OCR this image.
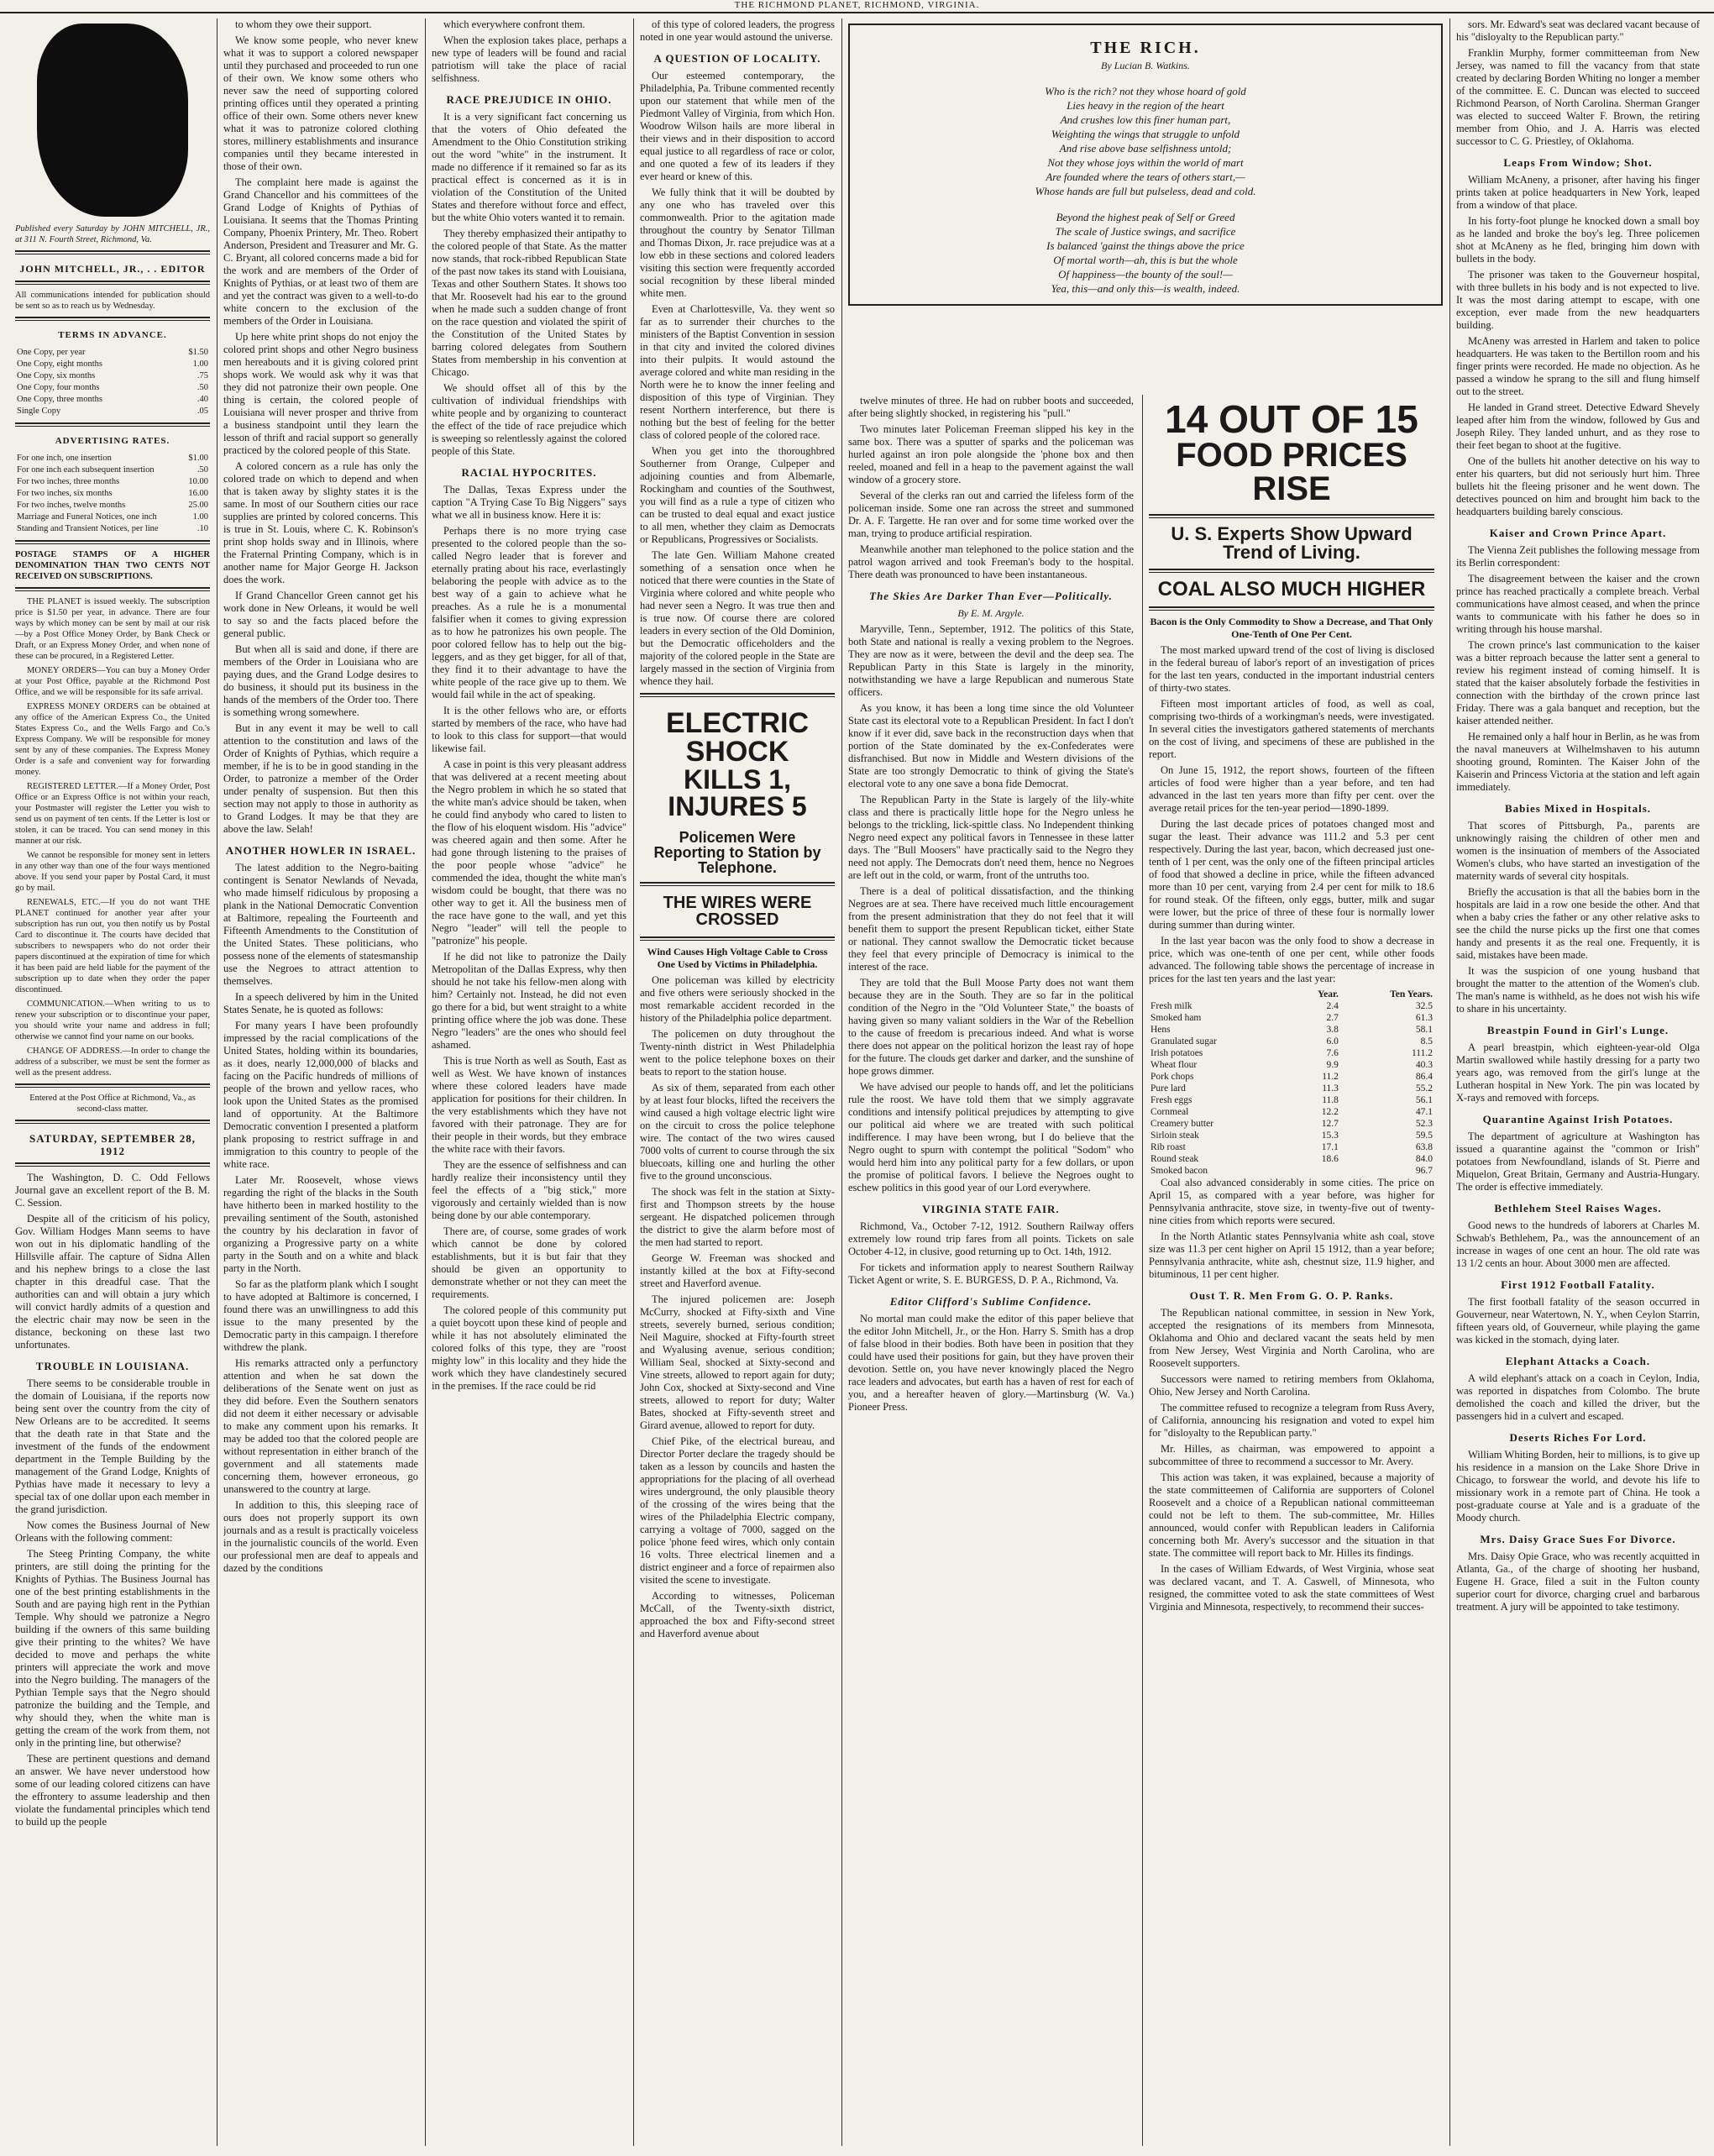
THE RICHMOND PLANET, RICHMOND, VIRGINIA.

Published every Saturday by JOHN MITCHELL, JR., at 311 N. Fourth Street, Richmond, Va.

JOHN MITCHELL, JR., . . EDITOR

All communications intended for publication should be sent so as to reach us by Wednesday.

TERMS IN ADVANCE.

One Copy, per year	$1.50
One Copy, eight months	1.00
One Copy, six months	.75
One Copy, four months	.50
One Copy, three months	.40
Single Copy	.05

ADVERTISING RATES.

For one inch, one insertion	$1.00
For one inch each subsequent insertion	.50
For two inches, three months	10.00
For two inches, six months	16.00
For two inches, twelve months	25.00
Marriage and Funeral Notices, one inch	1.00
Standing and Transient Notices, per line	.10

POSTAGE STAMPS OF A HIGHER DENOMINATION THAN TWO CENTS NOT RECEIVED ON SUBSCRIPTIONS.

THE PLANET is issued weekly. The subscription price is $1.50 per year, in advance. There are four ways by which money can be sent by mail at our risk—by a Post Office Money Order, by Bank Check or Draft, or an Express Money Order, and when none of these can be procured, in a Registered Letter.

MONEY ORDERS—You can buy a Money Order at your Post Office, payable at the Richmond Post Office, and we will be responsible for its safe arrival.

EXPRESS MONEY ORDERS can be obtained at any office of the American Express Co., the United States Express Co., and the Wells Fargo and Co.'s Express Company. We will be responsible for money sent by any of these companies. The Express Money Order is a safe and convenient way for forwarding money.

REGISTERED LETTER.—If a Money Order, Post Office or an Express Office is not within your reach, your Postmaster will register the Letter you wish to send us on payment of ten cents. If the Letter is lost or stolen, it can be traced. You can send money in this manner at our risk.

We cannot be responsible for money sent in letters in any other way than one of the four ways mentioned above. If you send your paper by Postal Card, it must go by mail.

RENEWALS, ETC.—If you do not want THE PLANET continued for another year after your subscription has run out, you then notify us by Postal Card to discontinue it. The courts have decided that subscribers to newspapers who do not order their papers discontinued at the expiration of time for which it has been paid are held liable for the payment of the subscription up to date when they order the paper discontinued.

COMMUNICATION.—When writing to us to renew your subscription or to discontinue your paper, you should write your name and address in full; otherwise we cannot find your name on our books.

CHANGE OF ADDRESS.—In order to change the address of a subscriber, we must be sent the former as well as the present address.

Entered at the Post Office at Richmond, Va., as second-class matter.

SATURDAY, SEPTEMBER 28, 1912

The Washington, D. C. Odd Fellows Journal gave an excellent report of the B. M. C. Session.

Despite all of the criticism of his policy, Gov. William Hodges Mann seems to have won out in his diplomatic handling of the Hillsville affair. The capture of Sidna Allen and his nephew brings to a close the last chapter in this dreadful case. That the authorities can and will obtain a jury which will convict hardly admits of a question and the electric chair may now be seen in the distance, beckoning on these last two unfortunates.

TROUBLE IN LOUISIANA.

There seems to be considerable trouble in the domain of Louisiana, if the reports now being sent over the country from the city of New Orleans are to be accredited. It seems that the death rate in that State and the investment of the funds of the endowment department in the Temple Building by the management of the Grand Lodge, Knights of Pythias have made it necessary to levy a special tax of one dollar upon each member in the grand jurisdiction.

Now comes the Business Journal of New Orleans with the following comment:

The Steeg Printing Company, the white printers, are still doing the printing for the Knights of Pythias. The Business Journal has one of the best printing establishments in the South and are paying high rent in the Pythian Temple. Why should we patronize a Negro building if the owners of this same building give their printing to the whites? We have decided to move and perhaps the white printers will appreciate the work and move into the Negro building. The managers of the Pythian Temple says that the Negro should patronize the building and the Temple, and why should they, when the white man is getting the cream of the work from them, not only in the printing line, but otherwise?

These are pertinent questions and demand an answer. We have never understood how some of our leading colored citizens can have the effrontery to assume leadership and then violate the fundamental principles which tend to build up the people

to whom they owe their support.

We know some people, who never knew what it was to support a colored newspaper until they purchased and proceeded to run one of their own. We know some others who never saw the need of supporting colored printing offices until they operated a printing office of their own. Some others never knew what it was to patronize colored clothing stores, millinery establishments and insurance companies until they became interested in those of their own.

The complaint here made is against the Grand Chancellor and his committees of the Grand Lodge of Knights of Pythias of Louisiana. It seems that the Thomas Printing Company, Phoenix Printery, Mr. Theo. Robert Anderson, President and Treasurer and Mr. G. C. Bryant, all colored concerns made a bid for the work and are members of the Order of Knights of Pythias, or at least two of them are and yet the contract was given to a well-to-do white concern to the exclusion of the members of the Order in Louisiana.

Up here white print shops do not enjoy the colored print shops and other Negro business men hereabouts and it is giving colored print shops work. We would ask why it was that they did not patronize their own people. One thing is certain, the colored people of Louisiana will never prosper and thrive from a business standpoint until they learn the lesson of thrift and racial support so generally practiced by the colored people of this State.

A colored concern as a rule has only the colored trade on which to depend and when that is taken away by slighty states it is the same. In most of our Southern cities our race supplies are printed by colored concerns. This is true in St. Louis, where C. K. Robinson's print shop holds sway and in Illinois, where the Fraternal Printing Company, which is in another name for Major George H. Jackson does the work.

If Grand Chancellor Green cannot get his work done in New Orleans, it would be well to say so and the facts placed before the general public.

But when all is said and done, if there are members of the Order in Louisiana who are paying dues, and the Grand Lodge desires to do business, it should put its business in the hands of the members of the Order too. There is something wrong somewhere.

But in any event it may be well to call attention to the constitution and laws of the Order of Knights of Pythias, which require a member, if he is to be in good standing in the Order, to patronize a member of the Order under penalty of suspension. But then this section may not apply to those in authority as to Grand Lodges. It may be that they are above the law. Selah!

ANOTHER HOWLER IN ISRAEL.

The latest addition to the Negro-baiting contingent is Senator Newlands of Nevada, who made himself ridiculous by proposing a plank in the National Democratic Convention at Baltimore, repealing the Fourteenth and Fifteenth Amendments to the Constitution of the United States. These politicians, who possess none of the elements of statesmanship use the Negroes to attract attention to themselves.

In a speech delivered by him in the United States Senate, he is quoted as follows:

For many years I have been profoundly impressed by the racial complications of the United States, holding within its boundaries, as it does, nearly 12,000,000 of blacks and facing on the Pacific hundreds of millions of people of the brown and yellow races, who look upon the United States as the promised land of opportunity. At the Baltimore Democratic convention I presented a platform plank proposing to restrict suffrage in and immigration to this country to people of the white race.

Later Mr. Roosevelt, whose views regarding the right of the blacks in the South have hitherto been in marked hostility to the prevailing sentiment of the South, astonished the country by his declaration in favor of organizing a Progressive party on a white party in the South and on a white and black party in the North.

So far as the platform plank which I sought to have adopted at Baltimore is concerned, I found there was an unwillingness to add this issue to the many presented by the Democratic party in this campaign. I therefore withdrew the plank.

His remarks attracted only a perfunctory attention and when he sat down the deliberations of the Senate went on just as they did before. Even the Southern senators did not deem it either necessary or advisable to make any comment upon his remarks. It may be added too that the colored people are without representation in either branch of the government and all statements made concerning them, however erroneous, go unanswered to the country at large.

In addition to this, this sleeping race of ours does not properly support its own journals and as a result is practically voiceless in the journalistic councils of the world. Even our professional men are deaf to appeals and dazed by the conditions

which everywhere confront them.

When the explosion takes place, perhaps a new type of leaders will be found and racial patriotism will take the place of racial selfishness.

RACE PREJUDICE IN OHIO.

It is a very significant fact concerning us that the voters of Ohio defeated the Amendment to the Ohio Constitution striking out the word "white" in the instrument. It made no difference if it remained so far as its practical effect is concerned as it is in violation of the Constitution of the United States and therefore without force and effect, but the white Ohio voters wanted it to remain.

They thereby emphasized their antipathy to the colored people of that State. As the matter now stands, that rock-ribbed Republican State of the past now takes its stand with Louisiana, Texas and other Southern States. It shows too that Mr. Roosevelt had his ear to the ground when he made such a sudden change of front on the race question and violated the spirit of the Constitution of the United States by barring colored delegates from Southern States from membership in his convention at Chicago.

We should offset all of this by the cultivation of individual friendships with white people and by organizing to counteract the effect of the tide of race prejudice which is sweeping so relentlessly against the colored people of this State.

RACIAL HYPOCRITES.

The Dallas, Texas Express under the caption "A Trying Case To Big Niggers" says what we all in business know. Here it is:

Perhaps there is no more trying case presented to the colored people than the so-called Negro leader that is forever and eternally prating about his race, everlastingly belaboring the people with advice as to the best way of a gain to achieve what he preaches. As a rule he is a monumental falsifier when it comes to giving expression as to how he patronizes his own people. The poor colored fellow has to help out the big-leggers, and as they get bigger, for all of that, they find it to their advantage to have the white people of the race give up to them. We would fail while in the act of speaking.

It is the other fellows who are, or efforts started by members of the race, who have had to look to this class for support—that would likewise fail.

A case in point is this very pleasant address that was delivered at a recent meeting about the Negro problem in which he so stated that the white man's advice should be taken, when he could find anybody who cared to listen to the flow of his eloquent wisdom. His "advice" was cheered again and then some. After he had gone through listening to the praises of the poor people whose "advice" he commended the idea, thought the white man's wisdom could be bought, that there was no other way to get it. All the business men of the race have gone to the wall, and yet this Negro "leader" will tell the people to "patronize" his people.

If he did not like to patronize the Daily Metropolitan of the Dallas Express, why then should he not take his fellow-men along with him? Certainly not. Instead, he did not even go there for a bid, but went straight to a white printing office where the job was done. These Negro "leaders" are the ones who should feel ashamed.

This is true North as well as South, East as well as West. We have known of instances where these colored leaders have made application for positions for their children. In the very establishments which they have not favored with their patronage. They are for their people in their words, but they embrace the white race with their favors.

They are the essence of selfishness and can hardly realize their inconsistency until they feel the effects of a "big stick," more vigorously and certainly wielded than is now being done by our able contemporary.

There are, of course, some grades of work which cannot be done by colored establishments, but it is but fair that they should be given an opportunity to demonstrate whether or not they can meet the requirements.

The colored people of this community put a quiet boycott upon these kind of people and while it has not absolutely eliminated the colored folks of this type, they are "roost mighty low" in this locality and they hide the work which they have clandestinely secured in the premises. If the race could be rid

of this type of colored leaders, the progress noted in one year would astound the universe.

A QUESTION OF LOCALITY.

Our esteemed contemporary, the Philadelphia, Pa. Tribune commented recently upon our statement that while men of the Piedmont Valley of Virginia, from which Hon. Woodrow Wilson hails are more liberal in their views and in their disposition to accord equal justice to all regardless of race or color, and one quoted a few of its leaders if they ever heard or knew of this.

We fully think that it will be doubted by any one who has traveled over this commonwealth. Prior to the agitation made throughout the country by Senator Tillman and Thomas Dixon, Jr. race prejudice was at a low ebb in these sections and colored leaders visiting this section were frequently accorded social recognition by these liberal minded white men.

Even at Charlottesville, Va. they went so far as to surrender their churches to the ministers of the Baptist Convention in session in that city and invited the colored divines into their pulpits. It would astound the average colored and white man residing in the North were he to know the inner feeling and disposition of this type of Virginian. They resent Northern interference, but there is nothing but the best of feeling for the better class of colored people of the colored race.

When you get into the thoroughbred Southerner from Orange, Culpeper and adjoining counties and from Albemarle, Rockingham and counties of the Southwest, you will find as a rule a type of citizen who can be trusted to deal equal and exact justice to all men, whether they claim as Democrats or Republicans, Progressives or Socialists.

The late Gen. William Mahone created something of a sensation once when he noticed that there were counties in the State of Virginia where colored and white people who had never seen a Negro. It was true then and is true now. Of course there are colored leaders in every section of the Old Dominion, but the Democratic officeholders and the majority of the colored people in the State are largely massed in the section of Virginia from whence they hail.

ELECTRIC SHOCK
KILLS 1, INJURES 5
Policemen Were Reporting to Station by Telephone.
THE WIRES WERE CROSSED

Wind Causes High Voltage Cable to Cross One Used by Victims in Philadelphia.

One policeman was killed by electricity and five others were seriously shocked in the most remarkable accident recorded in the history of the Philadelphia police department.

The policemen on duty throughout the Twenty-ninth district in West Philadelphia went to the police telephone boxes on their beats to report to the station house.

As six of them, separated from each other by at least four blocks, lifted the receivers the wind caused a high voltage electric light wire on the circuit to cross the police telephone wire. The contact of the two wires caused 7000 volts of current to course through the six bluecoats, killing one and hurling the other five to the ground unconscious.

The shock was felt in the station at Sixty-first and Thompson streets by the house sergeant. He dispatched policemen through the district to give the alarm before most of the men had started to report.

George W. Freeman was shocked and instantly killed at the box at Fifty-second street and Haverford avenue.

The injured policemen are: Joseph McCurry, shocked at Fifty-sixth and Vine streets, severely burned, serious condition; Neil Maguire, shocked at Fifty-fourth street and Wyalusing avenue, serious condition; William Seal, shocked at Sixty-second and Vine streets, allowed to report again for duty; John Cox, shocked at Sixty-second and Vine streets, allowed to report for duty; Walter Bates, shocked at Fifty-seventh street and Girard avenue, allowed to report for duty.

Chief Pike, of the electrical bureau, and Director Porter declare the tragedy should be taken as a lesson by councils and hasten the appropriations for the placing of all overhead wires underground, the only plausible theory of the crossing of the wires being that the wires of the Philadelphia Electric company, carrying a voltage of 7000, sagged on the police 'phone feed wires, which only contain 16 volts. Three electrical linemen and a district engineer and a force of repairmen also visited the scene to investigate.

According to witnesses, Policeman McCall, of the Twenty-sixth district, approached the box and Fifty-second street and Haverford avenue about

THE RICH.

By Lucian B. Watkins.

Who is the rich? not they whose hoard of gold

Lies heavy in the region of the heart

And crushes low this finer human part,

Weighting the wings that struggle to unfold

And rise above base selfishness untold;

Not they whose joys within the world of mart

Are founded where the tears of others start,—

Whose hands are full but pulseless, dead and cold.

Beyond the highest peak of Self or Greed

The scale of Justice swings, and sacrifice

Is balanced 'gainst the things above the price

Of mortal worth—ah, this is but the whole

Of happiness—the bounty of the soul!—

Yea, this—and only this—is wealth, indeed.

twelve minutes of three. He had on rubber boots and succeeded, after being slightly shocked, in registering his "pull."

Two minutes later Policeman Freeman slipped his key in the same box. There was a sputter of sparks and the policeman was hurled against an iron pole alongside the 'phone box and then reeled, moaned and fell in a heap to the pavement against the wall window of a grocery store.

Several of the clerks ran out and carried the lifeless form of the policeman inside. Some one ran across the street and summoned Dr. A. F. Targette. He ran over and for some time worked over the man, trying to produce artificial respiration.

Meanwhile another man telephoned to the police station and the patrol wagon arrived and took Freeman's body to the hospital. There death was pronounced to have been instantaneous.

The Skies Are Darker Than Ever—Politically.

By E. M. Argyle.

Maryville, Tenn., September, 1912. The politics of this State, both State and national is really a vexing problem to the Negroes. They are now as it were, between the devil and the deep sea. The Republican Party in this State is largely in the minority, notwithstanding we have a large Republican and numerous State officers.

As you know, it has been a long time since the old Volunteer State cast its electoral vote to a Republican President. In fact I don't know if it ever did, save back in the reconstruction days when that portion of the State dominated by the ex-Confederates were disfranchised. But now in Middle and Western divisions of the State are too strongly Democratic to think of giving the State's electoral vote to any one save a bona fide Democrat.

The Republican Party in the State is largely of the lily-white class and there is practically little hope for the Negro unless he belongs to the trickling, lick-spittle class. No Independent thinking Negro need expect any political favors in Tennessee in these latter days. The "Bull Moosers" have practically said to the Negro they need not apply. The Democrats don't need them, hence no Negroes are left out in the cold, or warm, front of the untruths too.

There is a deal of political dissatisfaction, and the thinking Negroes are at sea. There have received much little encouragement from the present administration that they do not feel that it will benefit them to support the present Republican ticket, either State or national. They cannot swallow the Democratic ticket because they feel that every principle of Democracy is inimical to the interest of the race.

They are told that the Bull Moose Party does not want them because they are in the South. They are so far in the political condition of the Negro in the "Old Volunteer State," the boasts of having given so many valiant soldiers in the War of the Rebellion to the cause of freedom is precarious indeed. And what is worse there does not appear on the political horizon the least ray of hope for the future. The clouds get darker and darker, and the sunshine of hope grows dimmer.

We have advised our people to hands off, and let the politicians rule the roost. We have told them that we simply aggravate conditions and intensify political prejudices by attempting to give our political aid where we are treated with such political indifference. I may have been wrong, but I do believe that the Negro ought to spurn with contempt the political "Sodom" who would herd him into any political party for a few dollars, or upon the promise of political favors. I believe the Negroes ought to eschew politics in this good year of our Lord everywhere.

VIRGINIA STATE FAIR.

Richmond, Va., October 7-12, 1912. Southern Railway offers extremely low round trip fares from all points. Tickets on sale October 4-12, in clusive, good returning up to Oct. 14th, 1912.

For tickets and information apply to nearest Southern Railway Ticket Agent or write, S. E. BURGESS, D. P. A., Richmond, Va.

Editor Clifford's Sublime Confidence.

No mortal man could make the editor of this paper believe that the editor John Mitchell, Jr., or the Hon. Harry S. Smith has a drop of false blood in their bodies. Both have been in position that they could have used their positions for gain, but they have proven their devotion. Settle on, you have never knowingly placed the Negro race leaders and advocates, but earth has a haven of rest for each of you, and a hereafter heaven of glory.—Martinsburg (W. Va.) Pioneer Press.

14 OUT OF 15
FOOD PRICES RISE
U. S. Experts Show Upward Trend of Living.
COAL ALSO MUCH HIGHER

Bacon is the Only Commodity to Show a Decrease, and That Only One-Tenth of One Per Cent.

The most marked upward trend of the cost of living is disclosed in the federal bureau of labor's report of an investigation of prices for the last ten years, conducted in the important industrial centers of thirty-two states.

Fifteen most important articles of food, as well as coal, comprising two-thirds of a workingman's needs, were investigated. In several cities the investigators gathered statements of merchants on the cost of living, and specimens of these are published in the report.

On June 15, 1912, the report shows, fourteen of the fifteen articles of food were higher than a year before, and ten had advanced in the last ten years more than fifty per cent. over the average retail prices for the ten-year period—1890-1899.

During the last decade prices of potatoes changed most and sugar the least. Their advance was 111.2 and 5.3 per cent respectively. During the last year, bacon, which decreased just one-tenth of 1 per cent, was the only one of the fifteen principal articles of food that showed a decline in price, while the fifteen advanced more than 10 per cent, varying from 2.4 per cent for milk to 18.6 for round steak. Of the fifteen, only eggs, butter, milk and sugar were lower, but the price of three of these four is normally lower during summer than during winter.

In the last year bacon was the only food to show a decrease in price, which was one-tenth of one per cent, while other foods advanced. The following table shows the percentage of increase in prices for the last ten years and the last year:

	Year.	Ten Years.
Fresh milk	2.4	32.5
Smoked ham	2.7	61.3
Hens	3.8	58.1
Granulated sugar	6.0	8.5
Irish potatoes	7.6	111.2
Wheat flour	9.9	40.3
Pork chops	11.2	86.4
Pure lard	11.3	55.2
Fresh eggs	11.8	56.1
Cornmeal	12.2	47.1
Creamery butter	12.7	52.3
Sirloin steak	15.3	59.5
Rib roast	17.1	63.8
Round steak	18.6	84.0
Smoked bacon		96.7

Coal also advanced considerably in some cities. The price on April 15, as compared with a year before, was higher for Pennsylvania anthracite, stove size, in twenty-five out of twenty-nine cities from which reports were secured.

In the North Atlantic states Pennsylvania white ash coal, stove size was 11.3 per cent higher on April 15 1912, than a year before; Pennsylvania anthracite, white ash, chestnut size, 11.9 higher, and bituminous, 11 per cent higher.

Oust T. R. Men From G. O. P. Ranks.

The Republican national committee, in session in New York, accepted the resignations of its members from Minnesota, Oklahoma and Ohio and declared vacant the seats held by men from New Jersey, West Virginia and North Carolina, who are Roosevelt supporters.

Successors were named to retiring members from Oklahoma, Ohio, New Jersey and North Carolina.

The committee refused to recognize a telegram from Russ Avery, of California, announcing his resignation and voted to expel him for "disloyalty to the Republican party."

Mr. Hilles, as chairman, was empowered to appoint a subcommittee of three to recommend a successor to Mr. Avery.

This action was taken, it was explained, because a majority of the state committeemen of California are supporters of Colonel Roosevelt and a choice of a Republican national committeeman could not be left to them. The sub-committee, Mr. Hilles announced, would confer with Republican leaders in California concerning both Mr. Avery's successor and the situation in that state. The committee will report back to Mr. Hilles its findings.

In the cases of William Edwards, of West Virginia, whose seat was declared vacant, and T. A. Caswell, of Minnesota, who resigned, the committee voted to ask the state committees of West Virginia and Minnesota, respectively, to recommend their succes-

sors. Mr. Edward's seat was declared vacant because of his "disloyalty to the Republican party."

Franklin Murphy, former committeeman from New Jersey, was named to fill the vacancy from that state created by declaring Borden Whiting no longer a member of the committee. E. C. Duncan was elected to succeed Richmond Pearson, of North Carolina. Sherman Granger was elected to succeed Walter F. Brown, the retiring member from Ohio, and J. A. Harris was elected successor to C. G. Priestley, of Oklahoma.

Leaps From Window; Shot.

William McAneny, a prisoner, after having his finger prints taken at police headquarters in New York, leaped from a window of that place.

In his forty-foot plunge he knocked down a small boy as he landed and broke the boy's leg. Three policemen shot at McAneny as he fled, bringing him down with bullets in the body.

The prisoner was taken to the Gouverneur hospital, with three bullets in his body and is not expected to live. It was the most daring attempt to escape, with one exception, ever made from the new headquarters building.

McAneny was arrested in Harlem and taken to police headquarters. He was taken to the Bertillon room and his finger prints were recorded. He made no objection. As he passed a window he sprang to the sill and flung himself out to the street.

He landed in Grand street. Detective Edward Shevely leaped after him from the window, followed by Gus and Joseph Riley. They landed unhurt, and as they rose to their feet began to shoot at the fugitive.

One of the bullets hit another detective on his way to enter his quarters, but did not seriously hurt him. Three bullets hit the fleeing prisoner and he went down. The detectives pounced on him and brought him back to the headquarters building barely conscious.

Kaiser and Crown Prince Apart.

The Vienna Zeit publishes the following message from its Berlin correspondent:

The disagreement between the kaiser and the crown prince has reached practically a complete breach. Verbal communications have almost ceased, and when the prince wants to communicate with his father he does so in writing through his house marshal.

The crown prince's last communication to the kaiser was a bitter reproach because the latter sent a general to review his regiment instead of coming himself. It is stated that the kaiser absolutely forbade the festivities in connection with the birthday of the crown prince last Friday. There was a gala banquet and reception, but the kaiser attended neither.

He remained only a half hour in Berlin, as he was from the naval maneuvers at Wilhelmshaven to his autumn shooting ground, Rominten. The Kaiser John of the Kaiserin and Princess Victoria at the station and left again immediately.

Babies Mixed in Hospitals.

That scores of Pittsburgh, Pa., parents are unknowingly raising the children of other men and women is the insinuation of members of the Associated Women's clubs, who have started an investigation of the maternity wards of several city hospitals.

Briefly the accusation is that all the babies born in the hospitals are laid in a row one beside the other. And that when a baby cries the father or any other relative asks to see the child the nurse picks up the first one that comes handy and presents it as the real one. Frequently, it is said, mistakes have been made.

It was the suspicion of one young husband that brought the matter to the attention of the Women's club. The man's name is withheld, as he does not wish his wife to share in his uncertainty.

Breastpin Found in Girl's Lunge.

A pearl breastpin, which eighteen-year-old Olga Martin swallowed while hastily dressing for a party two years ago, was removed from the girl's lunge at the Lutheran hospital in New York. The pin was located by X-rays and removed with forceps.

Quarantine Against Irish Potatoes.

The department of agriculture at Washington has issued a quarantine against the "common or Irish" potatoes from Newfoundland, islands of St. Pierre and Miquelon, Great Britain, Germany and Austria-Hungary. The order is effective immediately.

Bethlehem Steel Raises Wages.

Good news to the hundreds of laborers at Charles M. Schwab's Bethlehem, Pa., was the announcement of an increase in wages of one cent an hour. The old rate was 13 1/2 cents an hour. About 3000 men are affected.

First 1912 Football Fatality.

The first football fatality of the season occurred in Gouverneur, near Watertown, N. Y., when Ceylon Starrin, fifteen years old, of Gouverneur, while playing the game was kicked in the stomach, dying later.

Elephant Attacks a Coach.

A wild elephant's attack on a coach in Ceylon, India, was reported in dispatches from Colombo. The brute demolished the coach and killed the driver, but the passengers hid in a culvert and escaped.

Deserts Riches For Lord.

William Whiting Borden, heir to millions, is to give up his residence in a mansion on the Lake Shore Drive in Chicago, to forswear the world, and devote his life to missionary work in a remote part of China. He took a post-graduate course at Yale and is a graduate of the Moody church.

Mrs. Daisy Grace Sues For Divorce.

Mrs. Daisy Opie Grace, who was recently acquitted in Atlanta, Ga., of the charge of shooting her husband, Eugene H. Grace, filed a suit in the Fulton county superior court for divorce, charging cruel and barbarous treatment. A jury will be appointed to take testimony.
